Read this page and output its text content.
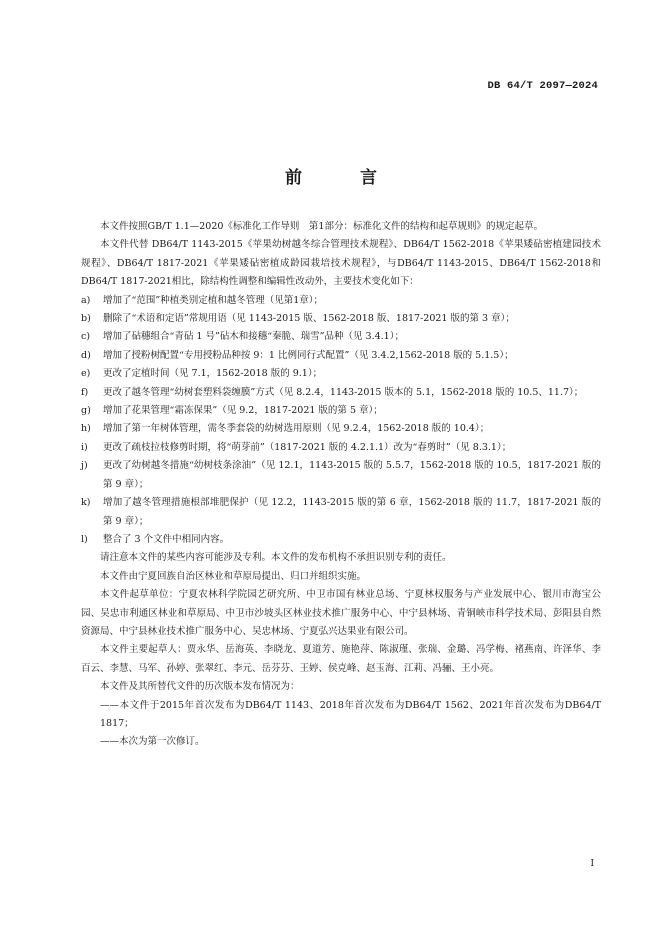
DB 64/T 2097—2024
前 言
本文件按照GB/T 1.1—2020《标准化工作导则　第1部分：标准化文件的结构和起草规则》的规定起草。
本文件代替 DB64/T 1143-2015《苹果幼树越冬综合管理技术规程》、DB64/T 1562-2018《苹果矮砧密植建园技术规程》、DB64/T 1817-2021《苹果矮砧密植成龄园栽培技术规程》，与DB64/T 1143-2015、DB64/T 1562-2018和DB64/T 1817-2021相比，除结构性调整和编辑性改动外，主要技术变化如下：
a)	增加了“范围”种植类别定植和越冬管理（见第1章）；
b)	删除了“术语和定语”常规用语（见 1143-2015 版、1562-2018 版、1817-2021 版的第 3 章）；
c)	增加了砧穗组合“青砧 1 号”砧木和接穗“秦脆、瑞雪”品种（见 3.4.1）；
d)	增加了授粉树配置“专用授粉品种按 9：1 比例同行式配置”（见 3.4.2,1562-2018 版的 5.1.5）；
e)	更改了定植时间（见 7.1，1562-2018 版的 9.1）；
f)	更改了越冬管理“幼树套塑料袋缠膜”方式（见 8.2.4，1143-2015 版本的 5.1，1562-2018 版的 10.5、11.7）；
g)	增加了花果管理“霜冻保果”（见 9.2，1817-2021 版的第 5 章）；
h)	增加了第一年树体管理，需冬季套袋的幼树选用原则（见 9.2.4，1562-2018 版的 10.4）；
i)	更改了疏枝拉枝修剪时期，将“萌芽前”（1817-2021 版的 4.2.1.1）改为“春剪时”（见 8.3.1）；
j)	更改了幼树越冬措施“幼树枝条涂油”（见 12.1，1143-2015 版的 5.5.7，1562-2018 版的 10.5，1817-2021 版的第 9 章）；
k)	增加了越冬管理措施根部堆肥保护（见 12.2，1143-2015 版的第 6 章，1562-2018 版的 11.7，1817-2021 版的第 9 章）；
l)	整合了 3 个文件中相同内容。
请注意本文件的某些内容可能涉及专利。本文件的发布机构不承担识别专利的责任。
本文件由宁夏回族自治区林业和草原局提出、归口并组织实施。
本文件起草单位：宁夏农林科学院园艺研究所、中卫市国有林业总场、宁夏林权服务与产业发展中心、银川市海宝公园、吴忠市利通区林业和草原局、中卫市沙坡头区林业技术推广服务中心、中宁县林场、青铜峡市科学技术局、彭阳县自然资源局、中宁县林业技术推广服务中心、吴忠林场、宁夏弘兴达果业有限公司。
本文件主要起草人：贾永华、岳海英、李晓龙、夏道芳、施艳萍、陈淑瑾、张瑞、金璐、冯学梅、褚燕南、许泽华、李百云、李慧、马军、孙婷、张翠红、李元、岳芬芬、王婷、侯克峰、赵玉海、江莉、冯骊、王小亮。
本文件及其所替代文件的历次版本发布情况为：
——本文件于2015年首次发布为DB64/T 1143、2018年首次发布为DB64/T 1562、2021年首次发布为DB64/T 1817；
——本次为第一次修订。
I
